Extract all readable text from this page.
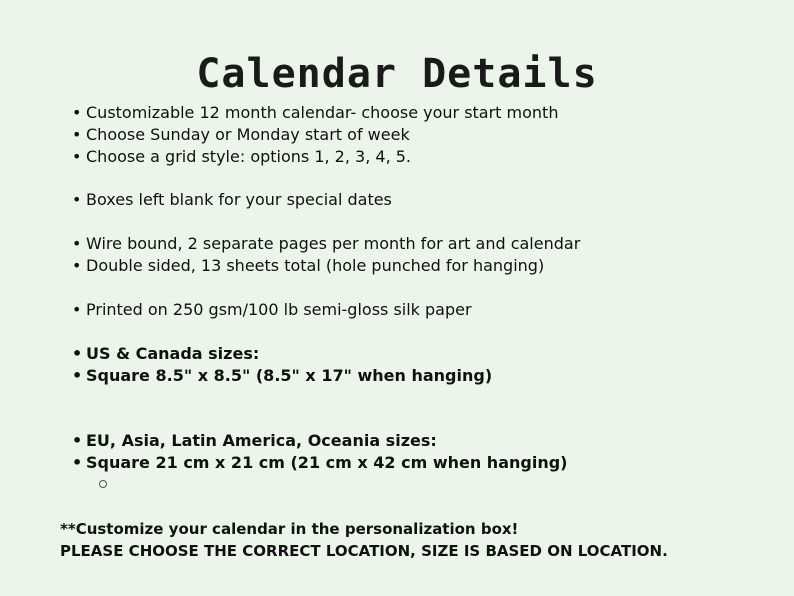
Calendar Details
• Customizable 12 month calendar- choose your start month
• Choose Sunday or Monday start of week
• Choose a grid style: options 1, 2, 3, 4, 5.
• Boxes left blank for your special dates
• Wire bound, 2 separate pages per month for art and calendar
• Double sided, 13 sheets total (hole punched for hanging)
• Printed on 250 gsm/100 lb semi-gloss silk paper
• US & Canada sizes:
• Square 8.5" x 8.5" (8.5" x 17" when hanging)
• EU, Asia, Latin America, Oceania sizes:
• Square 21 cm x 21 cm (21 cm x 42 cm when hanging)

**Customize your calendar in the personalization box!

PLEASE CHOOSE THE CORRECT LOCATION, SIZE IS BASED ON LOCATION.
